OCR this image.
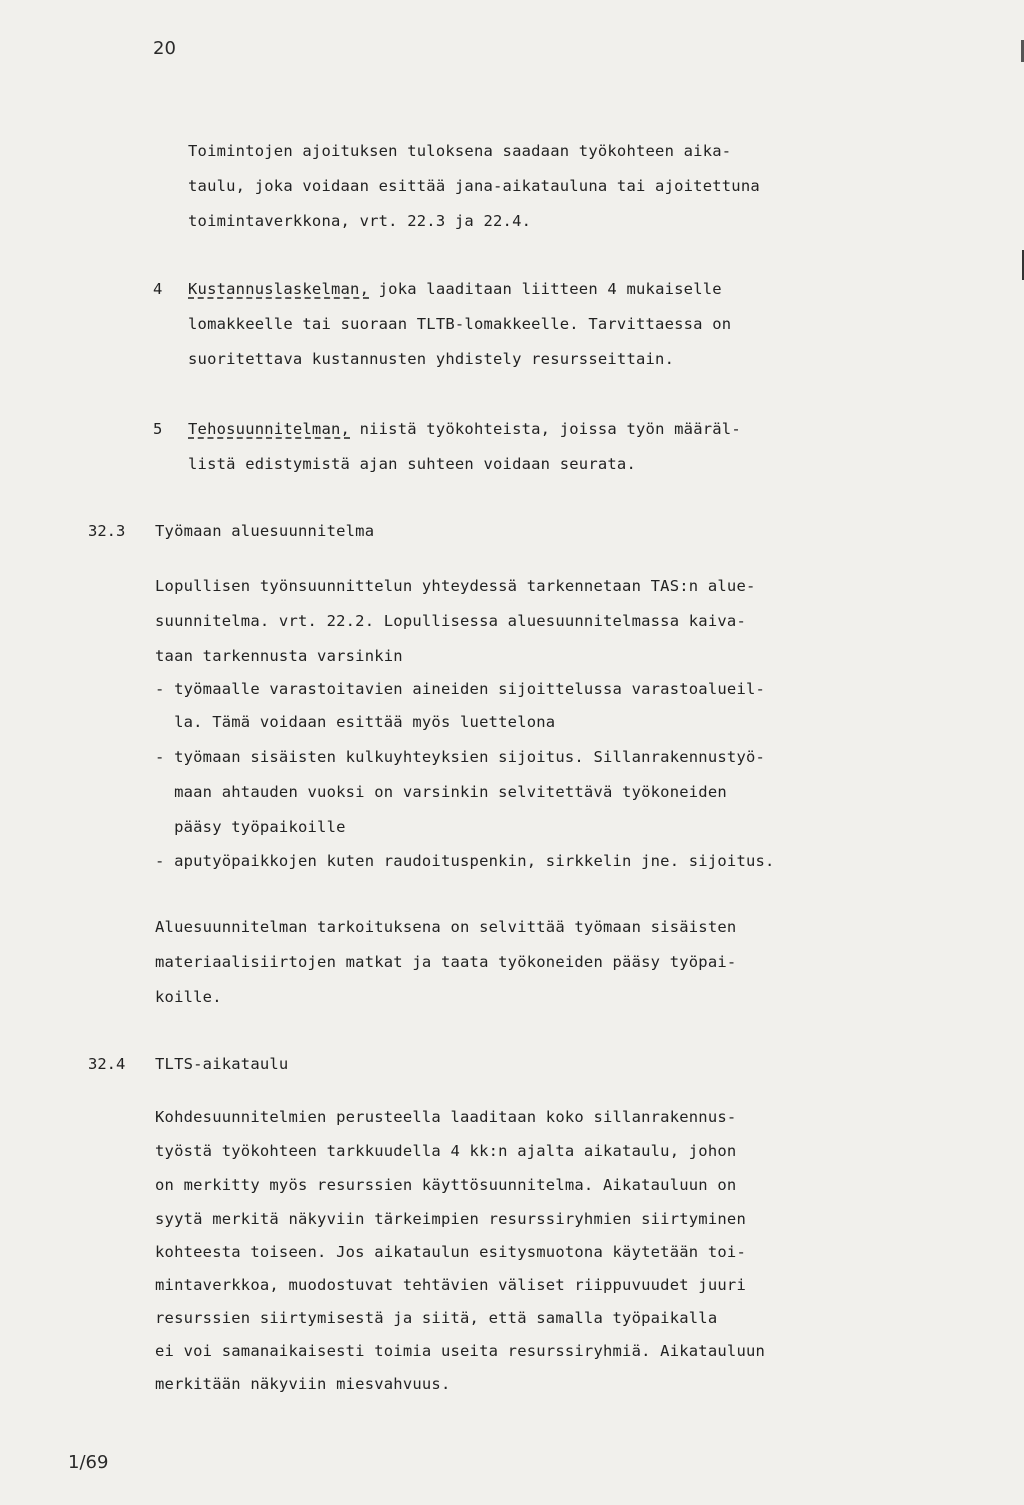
20
Toimintojen ajoituksen tuloksena saadaan työkohteen aika-
taulu, joka voidaan esittää jana-aikatauluna tai ajoitettuna
toimintaverkkona, vrt. 22.3 ja 22.4.
4 Kustannuslaskelman, joka laaditaan liitteen 4 mukaiselle
lomakkeelle tai suoraan TLTB-lomakkeelle. Tarvittaessa on
suoritettava kustannusten yhdistely resursseittain.
5 Tehosuunnitelman, niistä työkohteista, joissa työn määräl-
listä edistymistä ajan suhteen voidaan seurata.
32.3 Työmaan aluesuunnitelma
Lopullisen työnsuunnittelun yhteydessä tarkennetaan TAS:n alue-
suunnitelma. vrt. 22.2. Lopullisessa aluesuunnitelmassa kaiva-
taan tarkennusta varsinkin
- työmaalle varastoitavien aineiden sijoittelussa varastoalueil-
la. Tämä voidaan esittää myös luettelona
- työmaan sisäisten kulkuyhteyksien sijoitus. Sillanrakennustyö-
maan ahtauden vuoksi on varsinkin selvitettävä työkoneiden
pääsy työpaikoille
- aputyöpaikkojen kuten raudoituspenkin, sirkkelin jne. sijoitus.
Aluesuunnitelman tarkoituksena on selvittää työmaan sisäisten
materiaalisiirtojen matkat ja taata työkoneiden pääsy työpai-
koille.
32.4 TLTS-aikataulu
Kohdesuunnitelmien perusteella laaditaan koko sillanrakennus-
työstä työkohteen tarkkuudella 4 kk:n ajalta aikataulu, johon
on merkitty myös resurssien käyttösuunnitelma. Aikatauluun on
syytä merkitä näkyviin tärkeimpien resurssiryhmien siirtyminen
kohteesta toiseen. Jos aikataulun esitysmuotona käytetään toi-
mintaverkkoa, muodostuvat tehtävien väliset riippuvuudet juuri
resurssien siirtymisestä ja siitä, että samalla työpaikalla
ei voi samanaikaisesti toimia useita resurssiryhmiä. Aikatauluun
merkitään näkyviin miesvahvuus.
1/69
